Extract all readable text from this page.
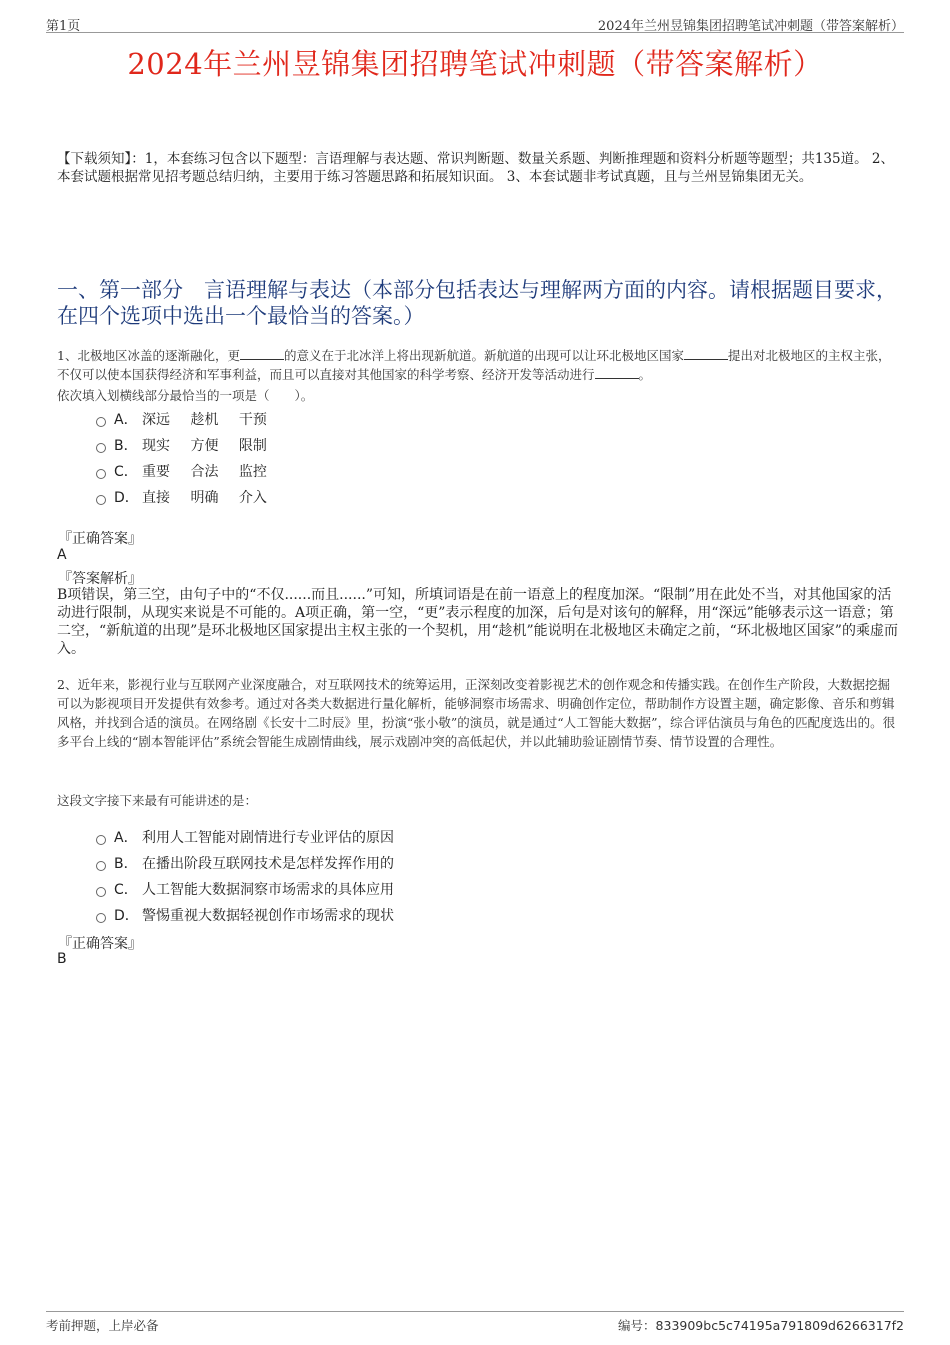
第1页	2024年兰州昱锦集团招聘笔试冲刺题（带答案解析）
2024年兰州昱锦集团招聘笔试冲刺题（带答案解析）
【下载须知】：1，本套练习包含以下题型：言语理解与表达题、常识判断题、数量关系题、判断推理题和资料分析题等题型；共135道。 2、本套试题根据常见招考题总结归纳，主要用于练习答题思路和拓展知识面。 3、本套试题非考试真题，且与兰州昱锦集团无关。
一、第一部分　言语理解与表达（本部分包括表达与理解两方面的内容。请根据题目要求，在四个选项中选出一个最恰当的答案。）
1、北极地区冰盖的逐渐融化，更	的意义在于北冰洋上将出现新航道。新航道的出现可以让环北极地区国家	提出对北极地区的主权主张，不仅可以使本国获得经济和军事利益，而且可以直接对其他国家的科学考察、经济开发等活动进行	。
依次填入划横线部分最恰当的一项是（　　）。
A． 深远 趁机 干预
B． 现实 方便 限制
C． 重要 合法 监控
D． 直接 明确 介入
『正确答案』
A
『答案解析』
B项错误，第三空，由句子中的“不仅......而且......”可知，所填词语是在前一语意上的程度加深。“限制”用在此处不当，对其他国家的活动进行限制，从现实来说是不可能的。A项正确，第一空，“更”表示程度的加深，后句是对该句的解释，用“深远”能够表示这一语意；第二空，“新航道的出现”是环北极地区国家提出主权主张的一个契机，用“趁机”能说明在北极地区未确定之前，“环北极地区国家”的乘虚而入。
2、近年来，影视行业与互联网产业深度融合，对互联网技术的统筹运用，正深刻改变着影视艺术的创作观念和传播实践。在创作生产阶段，大数据挖掘可以为影视项目开发提供有效参考。通过对各类大数据进行量化解析，能够洞察市场需求、明确创作定位，帮助制作方设置主题，确定影像、音乐和剪辑风格，并找到合适的演员。在网络剧《长安十二时辰》里，扮演“张小敬”的演员，就是通过“人工智能大数据”，综合评估演员与角色的匹配度选出的。很多平台上线的“剧本智能评估”系统会智能生成剧情曲线，展示戏剧冲突的高低起伏，并以此辅助验证剧情节奏、情节设置的合理性。
这段文字接下来最有可能讲述的是：
A． 利用人工智能对剧情进行专业评估的原因
B． 在播出阶段互联网技术是怎样发挥作用的
C． 人工智能大数据洞察市场需求的具体应用
D． 警惕重视大数据轻视创作市场需求的现状
『正确答案』
B
考前押题，上岸必备	编号：833909bc5c74195a791809d6266317f2
